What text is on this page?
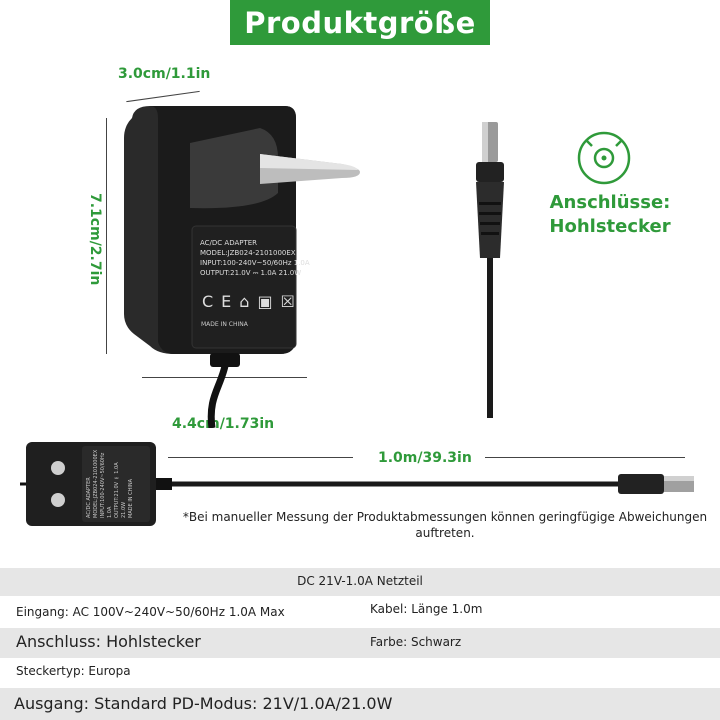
Produktgröße
3.0cm/1.1in
7.1cm/2.7in
4.4cm/1.73in
1.0m/39.3in
AC/DC ADAPTER
MODEL:JZB024-2101000EX
INPUT:100-240V~50/60Hz 1.0A
OUTPUT:21.0V ⎓ 1.0A 21.0W
CE⌂▣☒
MADE IN CHINA
Anschlüsse:
Hohlstecker
AC/DC ADAPTER MODEL:JZB024-2101000EX INPUT:100-240V~50/60Hz 1.0A OUTPUT:21.0V ⎓ 1.0A 21.0W MADE IN CHINA	*Bei manueller Messung der Produktabmessungen können geringfügige Abweichungen auftreten.
DC 21V-1.0A Netzteil
Eingang: AC 100V~240V~50/60Hz 1.0A Max	Kabel: Länge 1.0m
Anschluss: Hohlstecker	Farbe: Schwarz
Steckertyp: Europa
Ausgang: Standard PD-Modus: 21V/1.0A/21.0W
